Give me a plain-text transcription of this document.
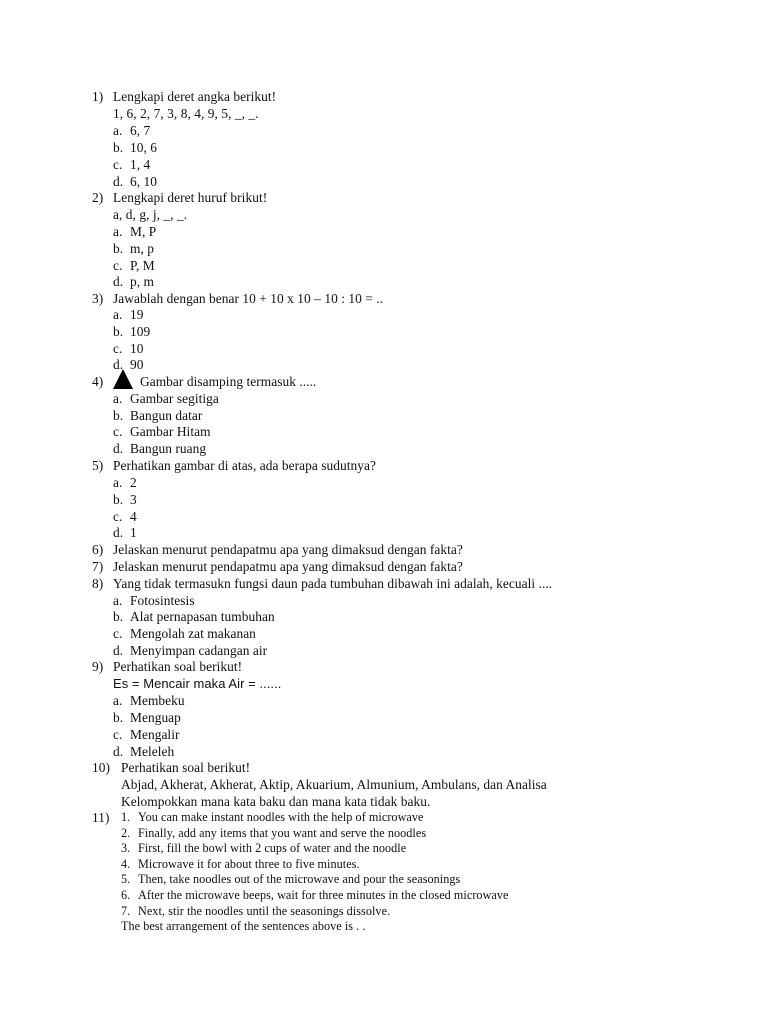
1) Lengkapi deret angka berikut!
1, 6, 2, 7, 3, 8, 4, 9, 5, _, _.
a. 6, 7
b. 10, 6
c. 1, 4
d. 6, 10
2) Lengkapi deret huruf brikut!
a, d, g, j, _, _.
a. M, P
b. m, p
c. P, M
d. p, m
3) Jawablah dengan benar 10 + 10 x 10 – 10 : 10 = ..
a. 19
b. 109
c. 10
d. 90
4)	Gambar disamping termasuk .....
a. Gambar segitiga
b. Bangun datar
c. Gambar Hitam
d. Bangun ruang
5) Perhatikan gambar di atas, ada berapa sudutnya?
a. 2
b. 3
c. 4
d. 1
6) Jelaskan menurut pendapatmu apa yang dimaksud dengan fakta?
7) Jelaskan menurut pendapatmu apa yang dimaksud dengan fakta?
8) Yang tidak termasukn fungsi daun pada tumbuhan dibawah ini adalah, kecuali ....
a. Fotosintesis
b. Alat pernapasan tumbuhan
c. Mengolah zat makanan
d. Menyimpan cadangan air
9) Perhatikan soal berikut!
Es = Mencair maka Air = ......
a. Membeku
b. Menguap
c. Mengalir
d. Meleleh
10) Perhatikan soal berikut!
Abjad, Akherat, Akherat, Aktip, Akuarium, Almunium, Ambulans, dan Analisa
Kelompokkan mana kata baku dan mana kata tidak baku.
11) 1. You can make instant noodles with the help of microwave
2. Finally, add any items that you want and serve the noodles
3. First, fill the bowl with 2 cups of water and the noodle
4. Microwave it for about three to five minutes.
5. Then, take noodles out of the microwave and pour the seasonings
6. After the microwave beeps, wait for three minutes in the closed microwave
7. Next, stir the noodles until the seasonings dissolve.
The best arrangement of the sentences above is . .
